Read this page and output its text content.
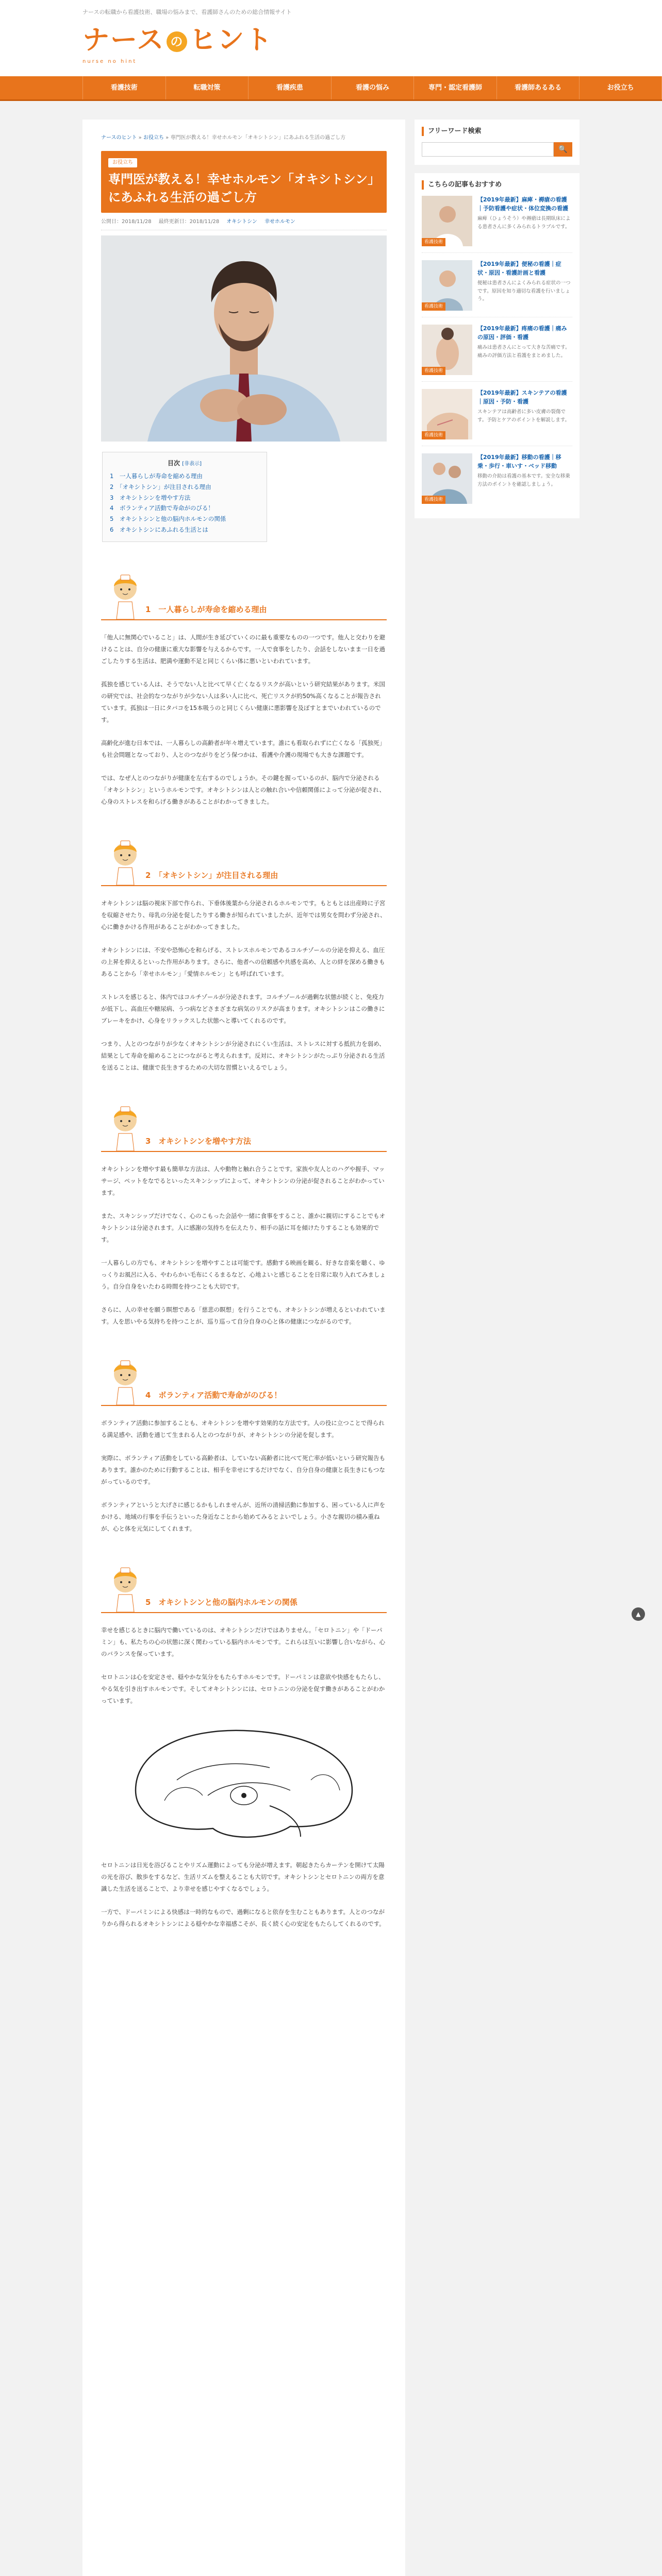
ナースの転職から看護技術、職場の悩みまで、看護師さんのための総合情報サイト
ナース の ヒント
nurse no hint
看護技術	転職対策	看護疾患	看護の悩み	専門・認定看護師	看護師あるある	お役立ち
ナースのヒント » お役立ち » 専門医が教える！幸せホルモン「オキシトシン」にあふれる生活の過ごし方
お役立ち
専門医が教える！幸せホルモン「オキシトシン」にあふれる生活の過ごし方
公開日：2018/11/28 最終更新日：2018/11/28 オキシトシン 幸せホルモン
目次 [非表示]
1　一人暮らしが寿命を縮める理由
2　「オキシトシン」が注目される理由
3　オキシトシンを増やす方法
4　ボランティア活動で寿命がのびる！
5　オキシトシンと他の脳内ホルモンの関係
6　オキシトシンにあふれる生活とは
1　一人暮らしが寿命を縮める理由

「他人に無関心でいること」は、人間が生き延びていくのに最も重要なものの一つです。他人と交わりを避けることは、自分の健康に重大な影響を与えるからです。一人で食事をしたり、会話をしないまま一日を過ごしたりする生活は、肥満や運動不足と同じくらい体に悪いといわれています。

孤独を感じている人は、そうでない人と比べて早く亡くなるリスクが高いという研究結果があります。米国の研究では、社会的なつながりが少ない人は多い人に比べ、死亡リスクが約50%高くなることが報告されています。孤独は一日にタバコを15本吸うのと同じくらい健康に悪影響を及ぼすとまでいわれているのです。

高齢化が進む日本では、一人暮らしの高齢者が年々増えています。誰にも看取られずに亡くなる「孤独死」も社会問題となっており、人とのつながりをどう保つかは、看護や介護の現場でも大きな課題です。

では、なぜ人とのつながりが健康を左右するのでしょうか。その鍵を握っているのが、脳内で分泌される「オキシトシン」というホルモンです。オキシトシンは人との触れ合いや信頼関係によって分泌が促され、心身のストレスを和らげる働きがあることがわかってきました。

2　「オキシトシン」が注目される理由

オキシトシンは脳の視床下部で作られ、下垂体後葉から分泌されるホルモンです。もともとは出産時に子宮を収縮させたり、母乳の分泌を促したりする働きが知られていましたが、近年では男女を問わず分泌され、心に働きかける作用があることがわかってきました。

オキシトシンには、不安や恐怖心を和らげる、ストレスホルモンであるコルチゾールの分泌を抑える、血圧の上昇を抑えるといった作用があります。さらに、他者への信頼感や共感を高め、人との絆を深める働きもあることから「幸せホルモン」「愛情ホルモン」とも呼ばれています。

ストレスを感じると、体内ではコルチゾールが分泌されます。コルチゾールが過剰な状態が続くと、免疫力が低下し、高血圧や糖尿病、うつ病などさまざまな病気のリスクが高まります。オキシトシンはこの働きにブレーキをかけ、心身をリラックスした状態へと導いてくれるのです。

つまり、人とのつながりが少なくオキシトシンが分泌されにくい生活は、ストレスに対する抵抗力を弱め、結果として寿命を縮めることにつながると考えられます。反対に、オキシトシンがたっぷり分泌される生活を送ることは、健康で長生きするための大切な習慣といえるでしょう。

3　オキシトシンを増やす方法

オキシトシンを増やす最も簡単な方法は、人や動物と触れ合うことです。家族や友人とのハグや握手、マッサージ、ペットをなでるといったスキンシップによって、オキシトシンの分泌が促されることがわかっています。

また、スキンシップだけでなく、心のこもった会話や一緒に食事をすること、誰かに親切にすることでもオキシトシンは分泌されます。人に感謝の気持ちを伝えたり、相手の話に耳を傾けたりすることも効果的です。

一人暮らしの方でも、オキシトシンを増やすことは可能です。感動する映画を観る、好きな音楽を聴く、ゆっくりお風呂に入る、やわらかい毛布にくるまるなど、心地よいと感じることを日常に取り入れてみましょう。自分自身をいたわる時間を持つことも大切です。

さらに、人の幸せを願う瞑想である「慈悲の瞑想」を行うことでも、オキシトシンが増えるといわれています。人を思いやる気持ちを持つことが、巡り巡って自分自身の心と体の健康につながるのです。

4　ボランティア活動で寿命がのびる！

ボランティア活動に参加することも、オキシトシンを増やす効果的な方法です。人の役に立つことで得られる満足感や、活動を通じて生まれる人とのつながりが、オキシトシンの分泌を促します。

実際に、ボランティア活動をしている高齢者は、していない高齢者に比べて死亡率が低いという研究報告もあります。誰かのために行動することは、相手を幸せにするだけでなく、自分自身の健康と長生きにもつながっているのです。

ボランティアというと大げさに感じるかもしれませんが、近所の清掃活動に参加する、困っている人に声をかける、地域の行事を手伝うといった身近なことから始めてみるとよいでしょう。小さな親切の積み重ねが、心と体を元気にしてくれます。

5　オキシトシンと他の脳内ホルモンの関係

幸せを感じるときに脳内で働いているのは、オキシトシンだけではありません。「セロトニン」や「ドーパミン」も、私たちの心の状態に深く関わっている脳内ホルモンです。これらは互いに影響し合いながら、心のバランスを保っています。

セロトニンは心を安定させ、穏やかな気分をもたらすホルモンです。ドーパミンは意欲や快感をもたらし、やる気を引き出すホルモンです。そしてオキシトシンには、セロトニンの分泌を促す働きがあることがわかっています。

セロトニンは日光を浴びることやリズム運動によっても分泌が増えます。朝起きたらカーテンを開けて太陽の光を浴び、散歩をするなど、生活リズムを整えることも大切です。オキシトシンとセロトニンの両方を意識した生活を送ることで、より幸せを感じやすくなるでしょう。

一方で、ドーパミンによる快感は一時的なもので、過剰になると依存を生むこともあります。人とのつながりから得られるオキシトシンによる穏やかな幸福感こそが、長く続く心の安定をもたらしてくれるのです。

フリーワード検索
🔍
こちらの記事もおすすめ
看護技術
【2019年最新】麻痺・褥瘡の看護｜予防看護や症状・体位変換の看護
麻痺（ひょうそう）や褥瘡は長期臥床による患者さんに多くみられるトラブルです。
看護技術
【2019年最新】便秘の看護｜症状・原因・看護計画と看護
便秘は患者さんによくみられる症状の一つです。原因を知り適切な看護を行いましょう。
看護技術
【2019年最新】疼痛の看護｜痛みの原因・評価・看護
痛みは患者さんにとって大きな苦痛です。痛みの評価方法と看護をまとめました。
看護技術
【2019年最新】スキンテアの看護｜原因・予防・看護
スキンテアは高齢者に多い皮膚の裂傷です。予防とケアのポイントを解説します。
看護技術
【2019年最新】移動の看護｜移乗・歩行・車いす・ベッド移動
移動の介助は看護の基本です。安全な移乗方法のポイントを確認しましょう。
▲
